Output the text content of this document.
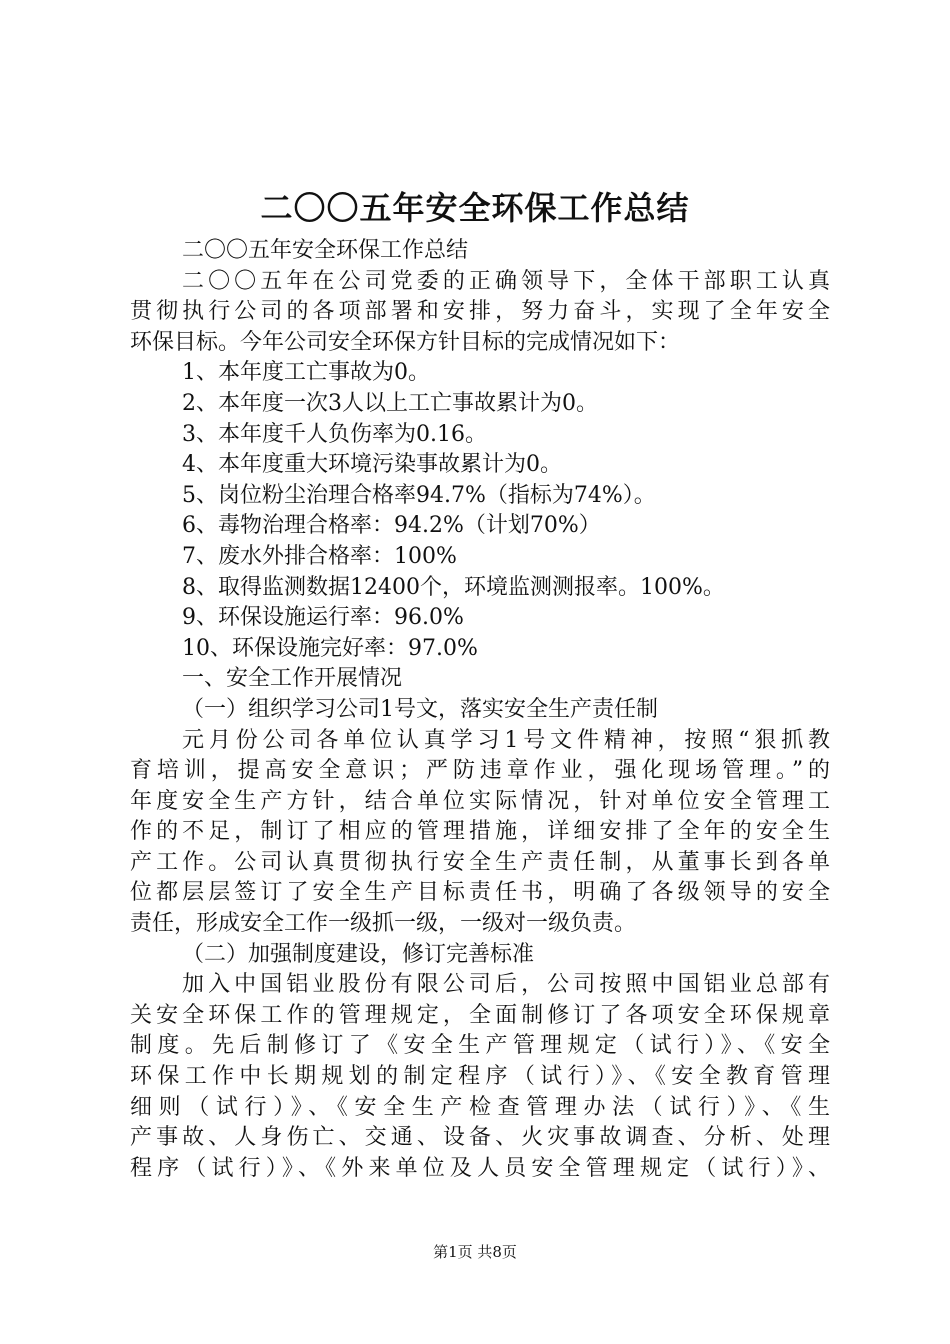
二〇〇五年安全环保工作总结
二〇〇五年安全环保工作总结
二〇〇五年在公司党委的正确领导下，全体干部职工认真
贯彻执行公司的各项部署和安排，努力奋斗，实现了全年安全
环保目标。今年公司安全环保方针目标的完成情况如下：
1、本年度工亡事故为0。
2、本年度一次3人以上工亡事故累计为0。
3、本年度千人负伤率为0.16。
4、本年度重大环境污染事故累计为0。
5、岗位粉尘治理合格率94.7%（指标为74%）。
6、毒物治理合格率：94.2%（计划70%）
7、废水外排合格率：100%
8、取得监测数据12400个，环境监测测报率。100%。
9、环保设施运行率：96.0%
10、环保设施完好率：97.0%
一、安全工作开展情况
（一）组织学习公司1号文，落实安全生产责任制
元月份公司各单位认真学习1号文件精神，按照“狠抓教
育培训，提高安全意识；严防违章作业，强化现场管理。”的
年度安全生产方针，结合单位实际情况，针对单位安全管理工
作的不足，制订了相应的管理措施，详细安排了全年的安全生
产工作。公司认真贯彻执行安全生产责任制，从董事长到各单
位都层层签订了安全生产目标责任书，明确了各级领导的安全
责任，形成安全工作一级抓一级，一级对一级负责。
（二）加强制度建设，修订完善标准
加入中国铝业股份有限公司后，公司按照中国铝业总部有
关安全环保工作的管理规定，全面制修订了各项安全环保规章
制度。先后制修订了《安全生产管理规定（试行）》、《安全
环保工作中长期规划的制定程序（试行）》、《安全教育管理
细则（试行）》、《安全生产检查管理办法（试行）》、《生
产事故、人身伤亡、交通、设备、火灾事故调查、分析、处理
程序（试行）》、《外来单位及人员安全管理规定（试行）》、
第1页 共8页
